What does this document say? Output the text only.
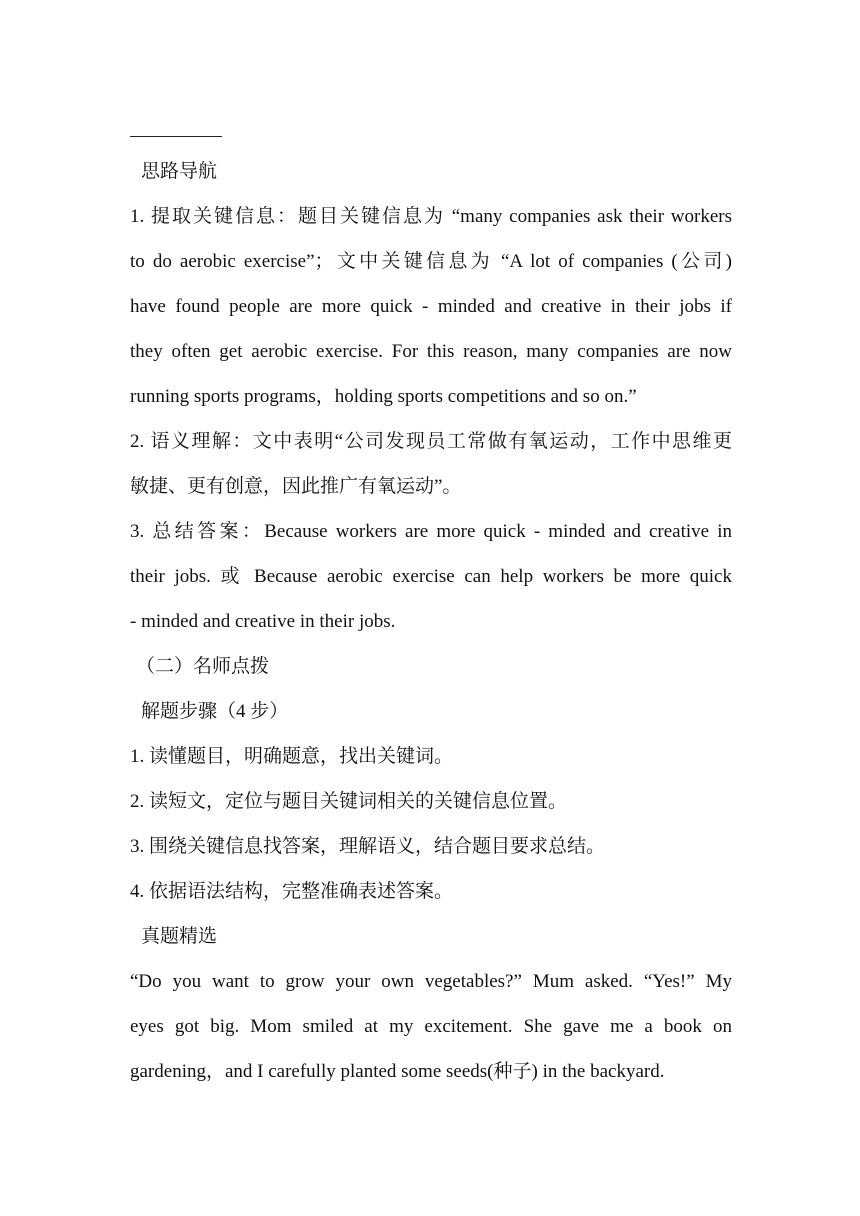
思路导航
1. 提取关键信息：题目关键信息为 “many companies ask their workers
to do aerobic exercise”；文中关键信息为 “A lot of companies (公司)
have found people are more quick - minded and creative in their jobs if
they often get aerobic exercise. For this reason, many companies are now
running sports programs，holding sports competitions and so on.”
2. 语义理解：文中表明“公司发现员工常做有氧运动，工作中思维更
敏捷、更有创意，因此推广有氧运动”。
3. 总结答案：Because workers are more quick - minded and creative in
their jobs. 或 Because aerobic exercise can help workers be more quick
- minded and creative in their jobs.
（二）名师点拨
解题步骤（4 步）
1. 读懂题目，明确题意，找出关键词。
2. 读短文，定位与题目关键词相关的关键信息位置。
3. 围绕关键信息找答案，理解语义，结合题目要求总结。
4. 依据语法结构，完整准确表述答案。
真题精选
“Do you want to grow your own vegetables?” Mum asked. “Yes!” My
eyes got big. Mom smiled at my excitement. She gave me a book on
gardening，and I carefully planted some seeds(种子) in the backyard.
